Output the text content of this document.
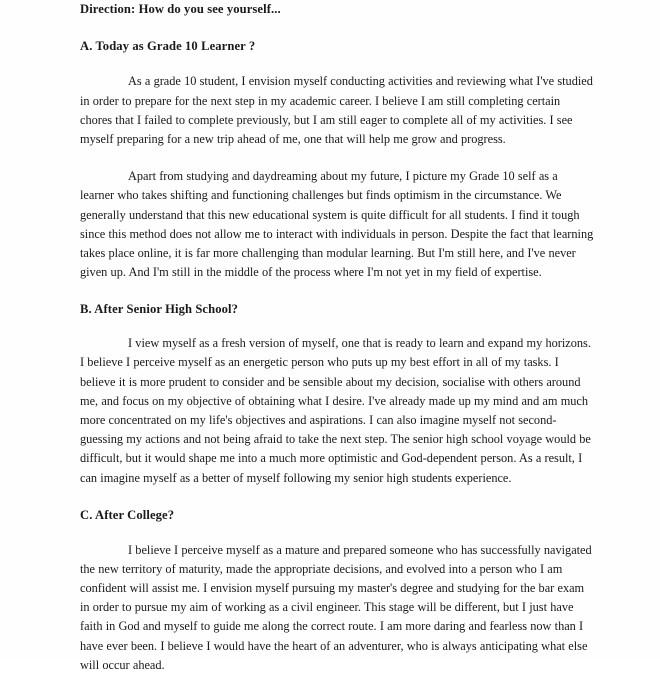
Direction: How do you see yourself...

A. Today as Grade 10 Learner ?

As a grade 10 student, I envision myself conducting activities and reviewing what I've studied in order to prepare for the next step in my academic career. I believe I am still completing certain chores that I failed to complete previously, but I am still eager to complete all of my activities. I see myself preparing for a new trip ahead of me, one that will help me grow and progress.

Apart from studying and daydreaming about my future, I picture my Grade 10 self as a learner who takes shifting and functioning challenges but finds optimism in the circumstance. We generally understand that this new educational system is quite difficult for all students. I find it tough since this method does not allow me to interact with individuals in person. Despite the fact that learning takes place online, it is far more challenging than modular learning. But I'm still here, and I've never given up. And I'm still in the middle of the process where I'm not yet in my field of expertise.

B. After Senior High School?

I view myself as a fresh version of myself, one that is ready to learn and expand my horizons. I believe I perceive myself as an energetic person who puts up my best effort in all of my tasks. I believe it is more prudent to consider and be sensible about my decision, socialise with others around me, and focus on my objective of obtaining what I desire. I've already made up my mind and am much more concentrated on my life's objectives and aspirations. I can also imagine myself not second-guessing my actions and not being afraid to take the next step. The senior high school voyage would be difficult, but it would shape me into a much more optimistic and God-dependent person. As a result, I can imagine myself as a better of myself following my senior high students experience.

C. After College?

I believe I perceive myself as a mature and prepared someone who has successfully navigated the new territory of maturity, made the appropriate decisions, and evolved into a person who I am confident will assist me. I envision myself pursuing my master's degree and studying for the bar exam in order to pursue my aim of working as a civil engineer. This stage will be different, but I just have faith in God and myself to guide me along the correct route. I am more daring and fearless now than I have ever been. I believe I would have the heart of an adventurer, who is always anticipating what else will occur ahead.
